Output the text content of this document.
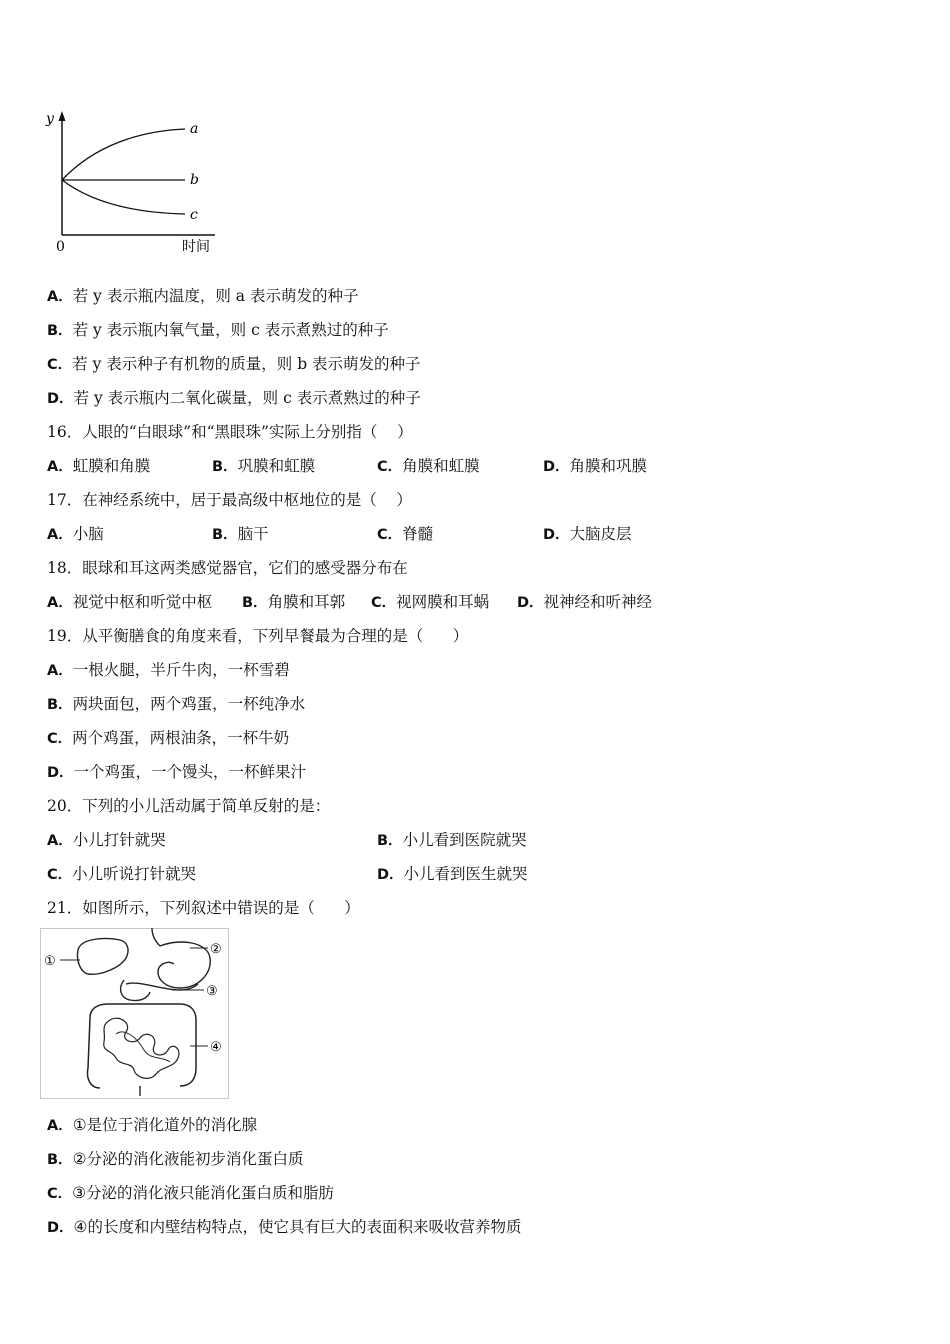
y
0	时间
a
b
c
A．若 y 表示瓶内温度，则 a 表示萌发的种子
B．若 y 表示瓶内氧气量，则 c 表示煮熟过的种子
C．若 y 表示种子有机物的质量，则 b 表示萌发的种子
D．若 y 表示瓶内二氧化碳量，则 c 表示煮熟过的种子
16．人眼的“白眼球”和“黑眼珠”实际上分别指（    ）
A．虹膜和角膜	B．巩膜和虹膜	C．角膜和虹膜	D．角膜和巩膜
17．在神经系统中，居于最高级中枢地位的是（    ）
A．小脑	B．脑干	C．脊髓	D．大脑皮层
18．眼球和耳这两类感觉器官，它们的感受器分布在
A．视觉中枢和听觉中枢 B．角膜和耳郭 C．视网膜和耳蜗 D．视神经和听神经
19．从平衡膳食的角度来看，下列早餐最为合理的是（      ）
A．一根火腿，半斤牛肉，一杯雪碧
B．两块面包，两个鸡蛋，一杯纯净水
C．两个鸡蛋，两根油条，一杯牛奶
D．一个鸡蛋，一个馒头，一杯鲜果汁
20．下列的小儿活动属于简单反射的是：
A．小儿打针就哭	B．小儿看到医院就哭
C．小儿听说打针就哭	D．小儿看到医生就哭
21．如图所示，下列叙述中错误的是（      ）
①
②
③
④
A．①是位于消化道外的消化腺
B．②分泌的消化液能初步消化蛋白质
C．③分泌的消化液只能消化蛋白质和脂肪
D．④的长度和内壁结构特点，使它具有巨大的表面积来吸收营养物质
